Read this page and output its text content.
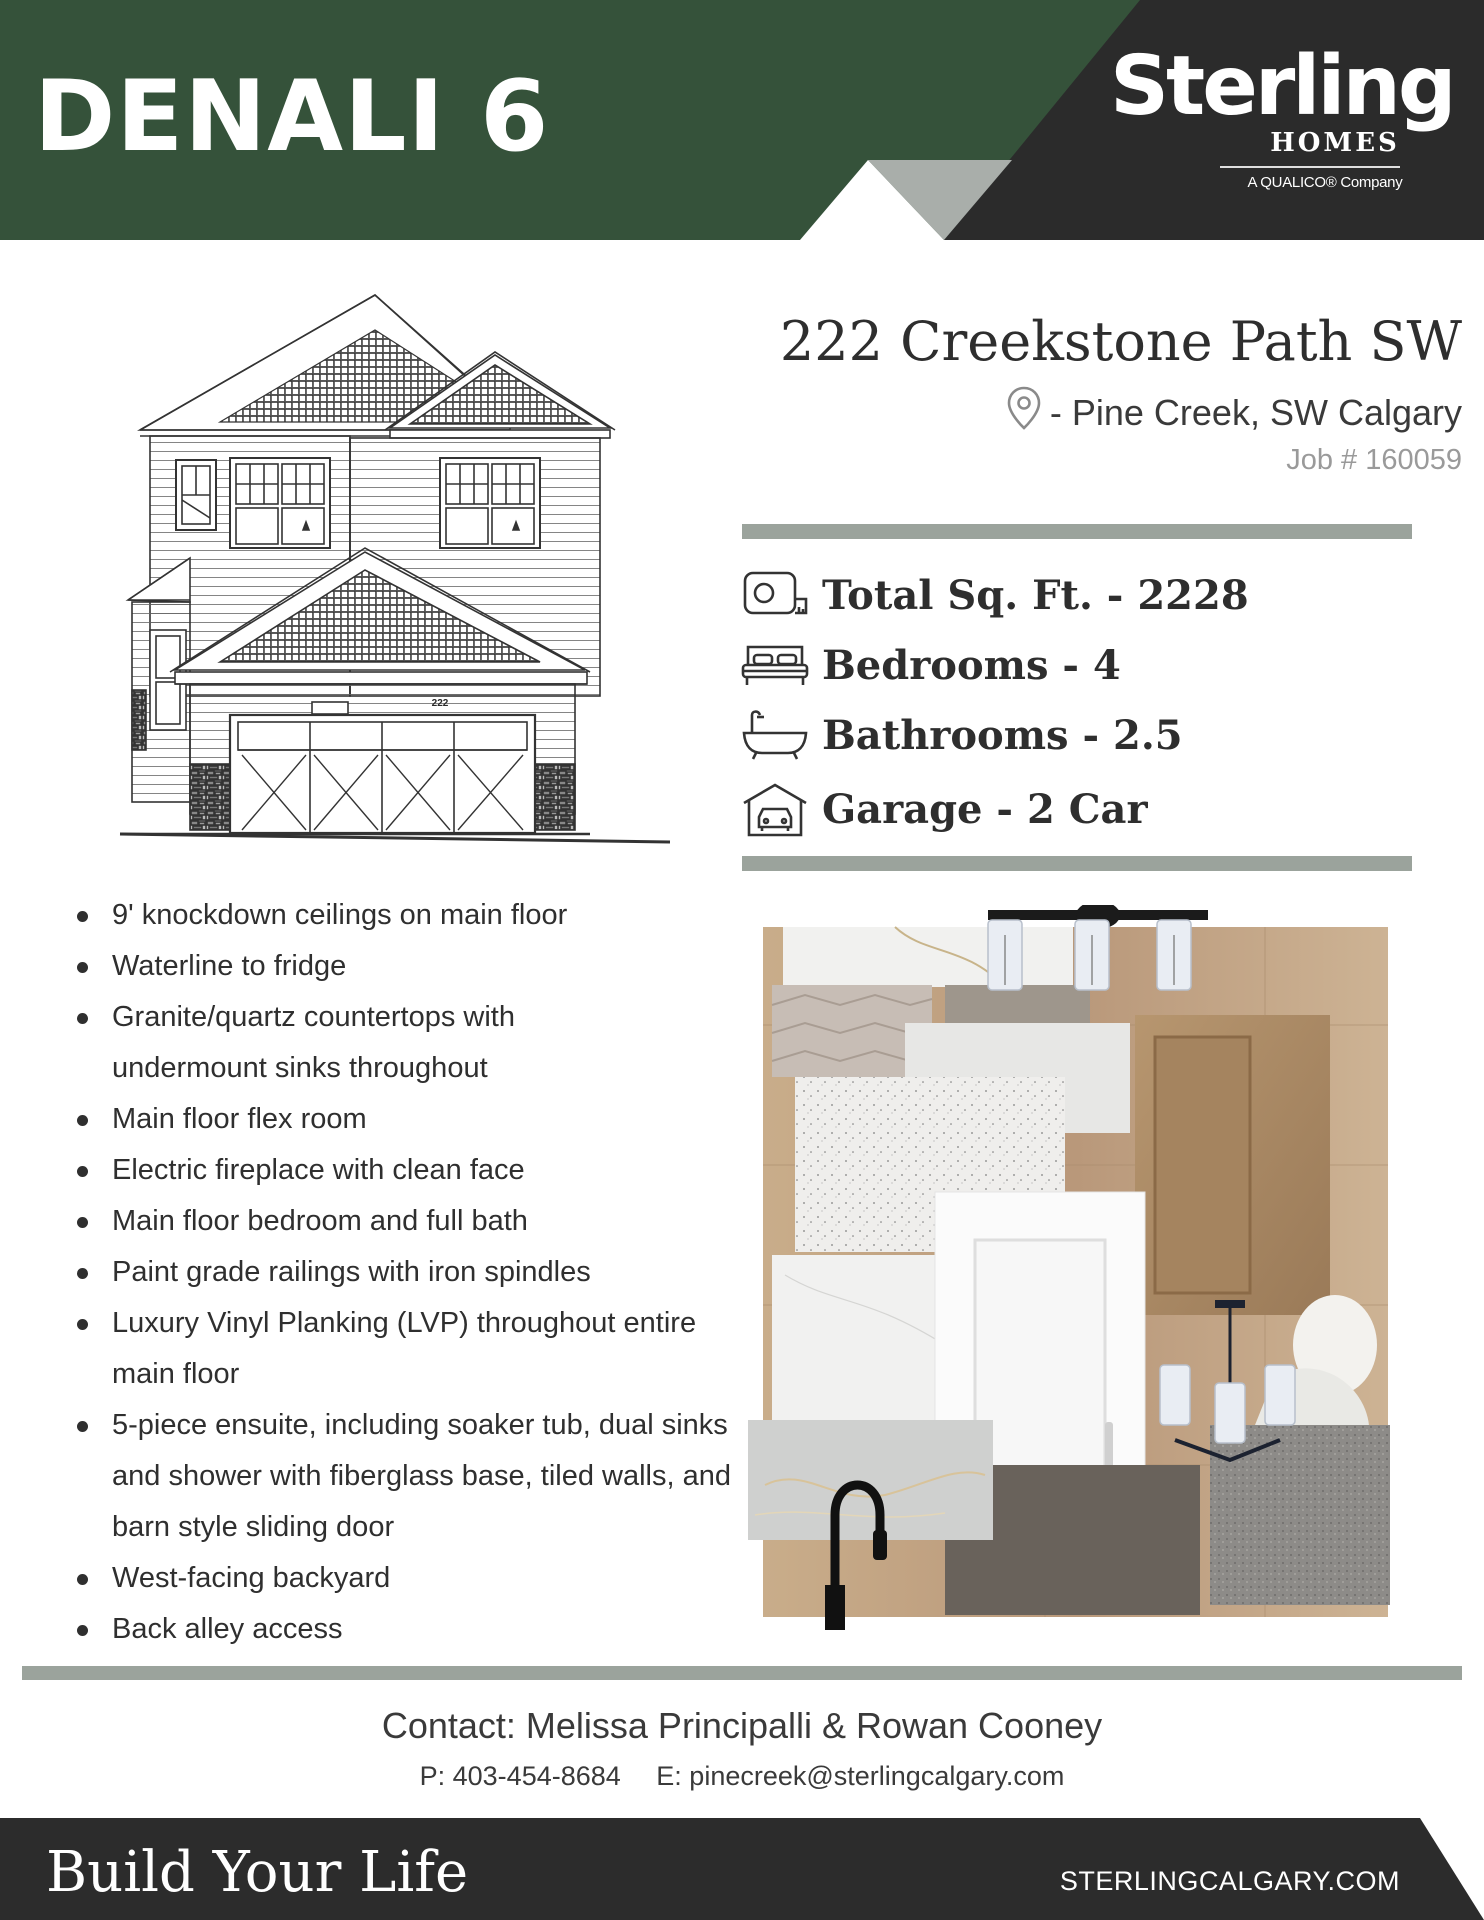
DENALI 6	Sterling
HOMES
A QUALICO® Company
222
222 Creekstone Path SW
- Pine Creek, SW Calgary
Job # 160059
Total Sq. Ft. - 2228
Bedrooms - 4
Bathrooms - 2.5
Garage - 2 Car
9' knockdown ceilings on main floor
Waterline to fridge
Granite/quartz countertops with undermount sinks throughout
Main floor flex room
Electric fireplace with clean face
Main floor bedroom and full bath
Paint grade railings with iron spindles
Luxury Vinyl Planking (LVP) throughout entire main floor
5-piece ensuite, including soaker tub, dual sinks and shower with fiberglass base, tiled walls, and barn style sliding door
West-facing backyard
Back alley access
Contact: Melissa Principalli & Rowan Cooney
P: 403-454-8684 E: pinecreek@sterlingcalgary.com
Build Your Life	STERLINGCALGARY.COM
